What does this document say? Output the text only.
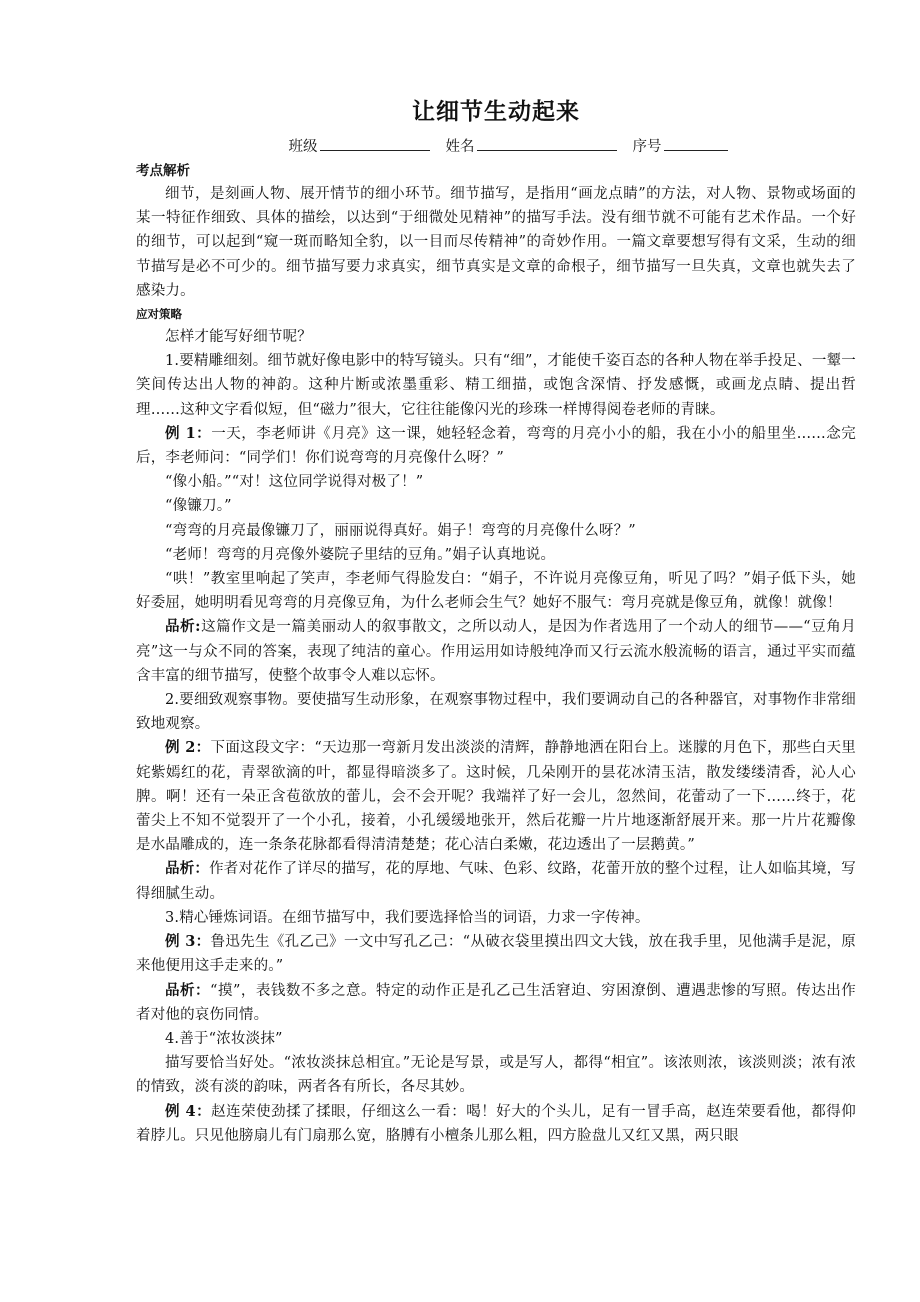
让细节生动起来
班级	姓名	序号
考点解析

细节，是刻画人物、展开情节的细小环节。细节描写，是指用“画龙点睛”的方法，对人物、景物或场面的某一特征作细致、具体的描绘，以达到“于细微处见精神”的描写手法。没有细节就不可能有艺术作品。一个好的细节，可以起到“窥一斑而略知全豹，以一目而尽传精神”的奇妙作用。一篇文章要想写得有文采，生动的细节描写是必不可少的。细节描写要力求真实，细节真实是文章的命根子，细节描写一旦失真，文章也就失去了感染力。

应对策略

怎样才能写好细节呢？

1.要精雕细刻。细节就好像电影中的特写镜头。只有“细”，才能使千姿百态的各种人物在举手投足、一颦一笑间传达出人物的神韵。这种片断或浓墨重彩、精工细描，或饱含深情、抒发感慨，或画龙点睛、提出哲理……这种文字看似短，但“磁力”很大，它往往能像闪光的珍珠一样博得阅卷老师的青睐。

例 1：一天，李老师讲《月亮》这一课，她轻轻念着，弯弯的月亮小小的船，我在小小的船里坐……念完后，李老师问：“同学们！你们说弯弯的月亮像什么呀？”

“像小船。”“对！这位同学说得对极了！”

“像镰刀。”

“弯弯的月亮最像镰刀了，丽丽说得真好。娟子！弯弯的月亮像什么呀？”

“老师！弯弯的月亮像外婆院子里结的豆角。”娟子认真地说。

“哄！”教室里响起了笑声，李老师气得脸发白：“娟子，不许说月亮像豆角，听见了吗？”娟子低下头，她好委屈，她明明看见弯弯的月亮像豆角，为什么老师会生气？她好不服气：弯月亮就是像豆角，就像！就像！

品析:这篇作文是一篇美丽动人的叙事散文，之所以动人，是因为作者选用了一个动人的细节——“豆角月亮”这一与众不同的答案，表现了纯洁的童心。作用运用如诗般纯净而又行云流水般流畅的语言，通过平实而蕴含丰富的细节描写，使整个故事令人难以忘怀。

2.要细致观察事物。要使描写生动形象，在观察事物过程中，我们要调动自己的各种器官，对事物作非常细致地观察。

例 2：下面这段文字：“天边那一弯新月发出淡淡的清辉，静静地洒在阳台上。迷朦的月色下，那些白天里姹紫嫣红的花，青翠欲滴的叶，都显得暗淡多了。这时候，几朵刚开的昙花冰清玉洁，散发缕缕清香，沁人心脾。啊！还有一朵正含苞欲放的蕾儿，会不会开呢？我端祥了好一会儿，忽然间，花蕾动了一下……终于，花蕾尖上不知不觉裂开了一个小孔，接着，小孔缓缓地张开，然后花瓣一片片地逐渐舒展开来。那一片片花瓣像是水晶雕成的，连一条条花脉都看得清清楚楚；花心洁白柔嫩，花边透出了一层鹅黄。”

品析：作者对花作了详尽的描写，花的厚地、气味、色彩、纹路，花蕾开放的整个过程，让人如临其境，写得细腻生动。

3.精心锤炼词语。在细节描写中，我们要选择恰当的词语，力求一字传神。

例 3：鲁迅先生《孔乙己》一文中写孔乙己：“从破衣袋里摸出四文大钱，放在我手里，见他满手是泥，原来他便用这手走来的。”

品析：“摸”，表钱数不多之意。特定的动作正是孔乙己生活窘迫、穷困潦倒、遭遇悲惨的写照。传达出作者对他的哀伤同情。

4.善于“浓妆淡抹”

描写要恰当好处。“浓妆淡抹总相宜。”无论是写景，或是写人，都得“相宜”。该浓则浓，该淡则淡；浓有浓的情致，淡有淡的韵味，两者各有所长，各尽其妙。

例 4：赵连荣使劲揉了揉眼，仔细这么一看：喝！好大的个头儿，足有一冒手高，赵连荣要看他，都得仰着脖儿。只见他膀扇儿有门扇那么宽，胳膊有小檀条儿那么粗，四方脸盘儿又红又黑，两只眼
